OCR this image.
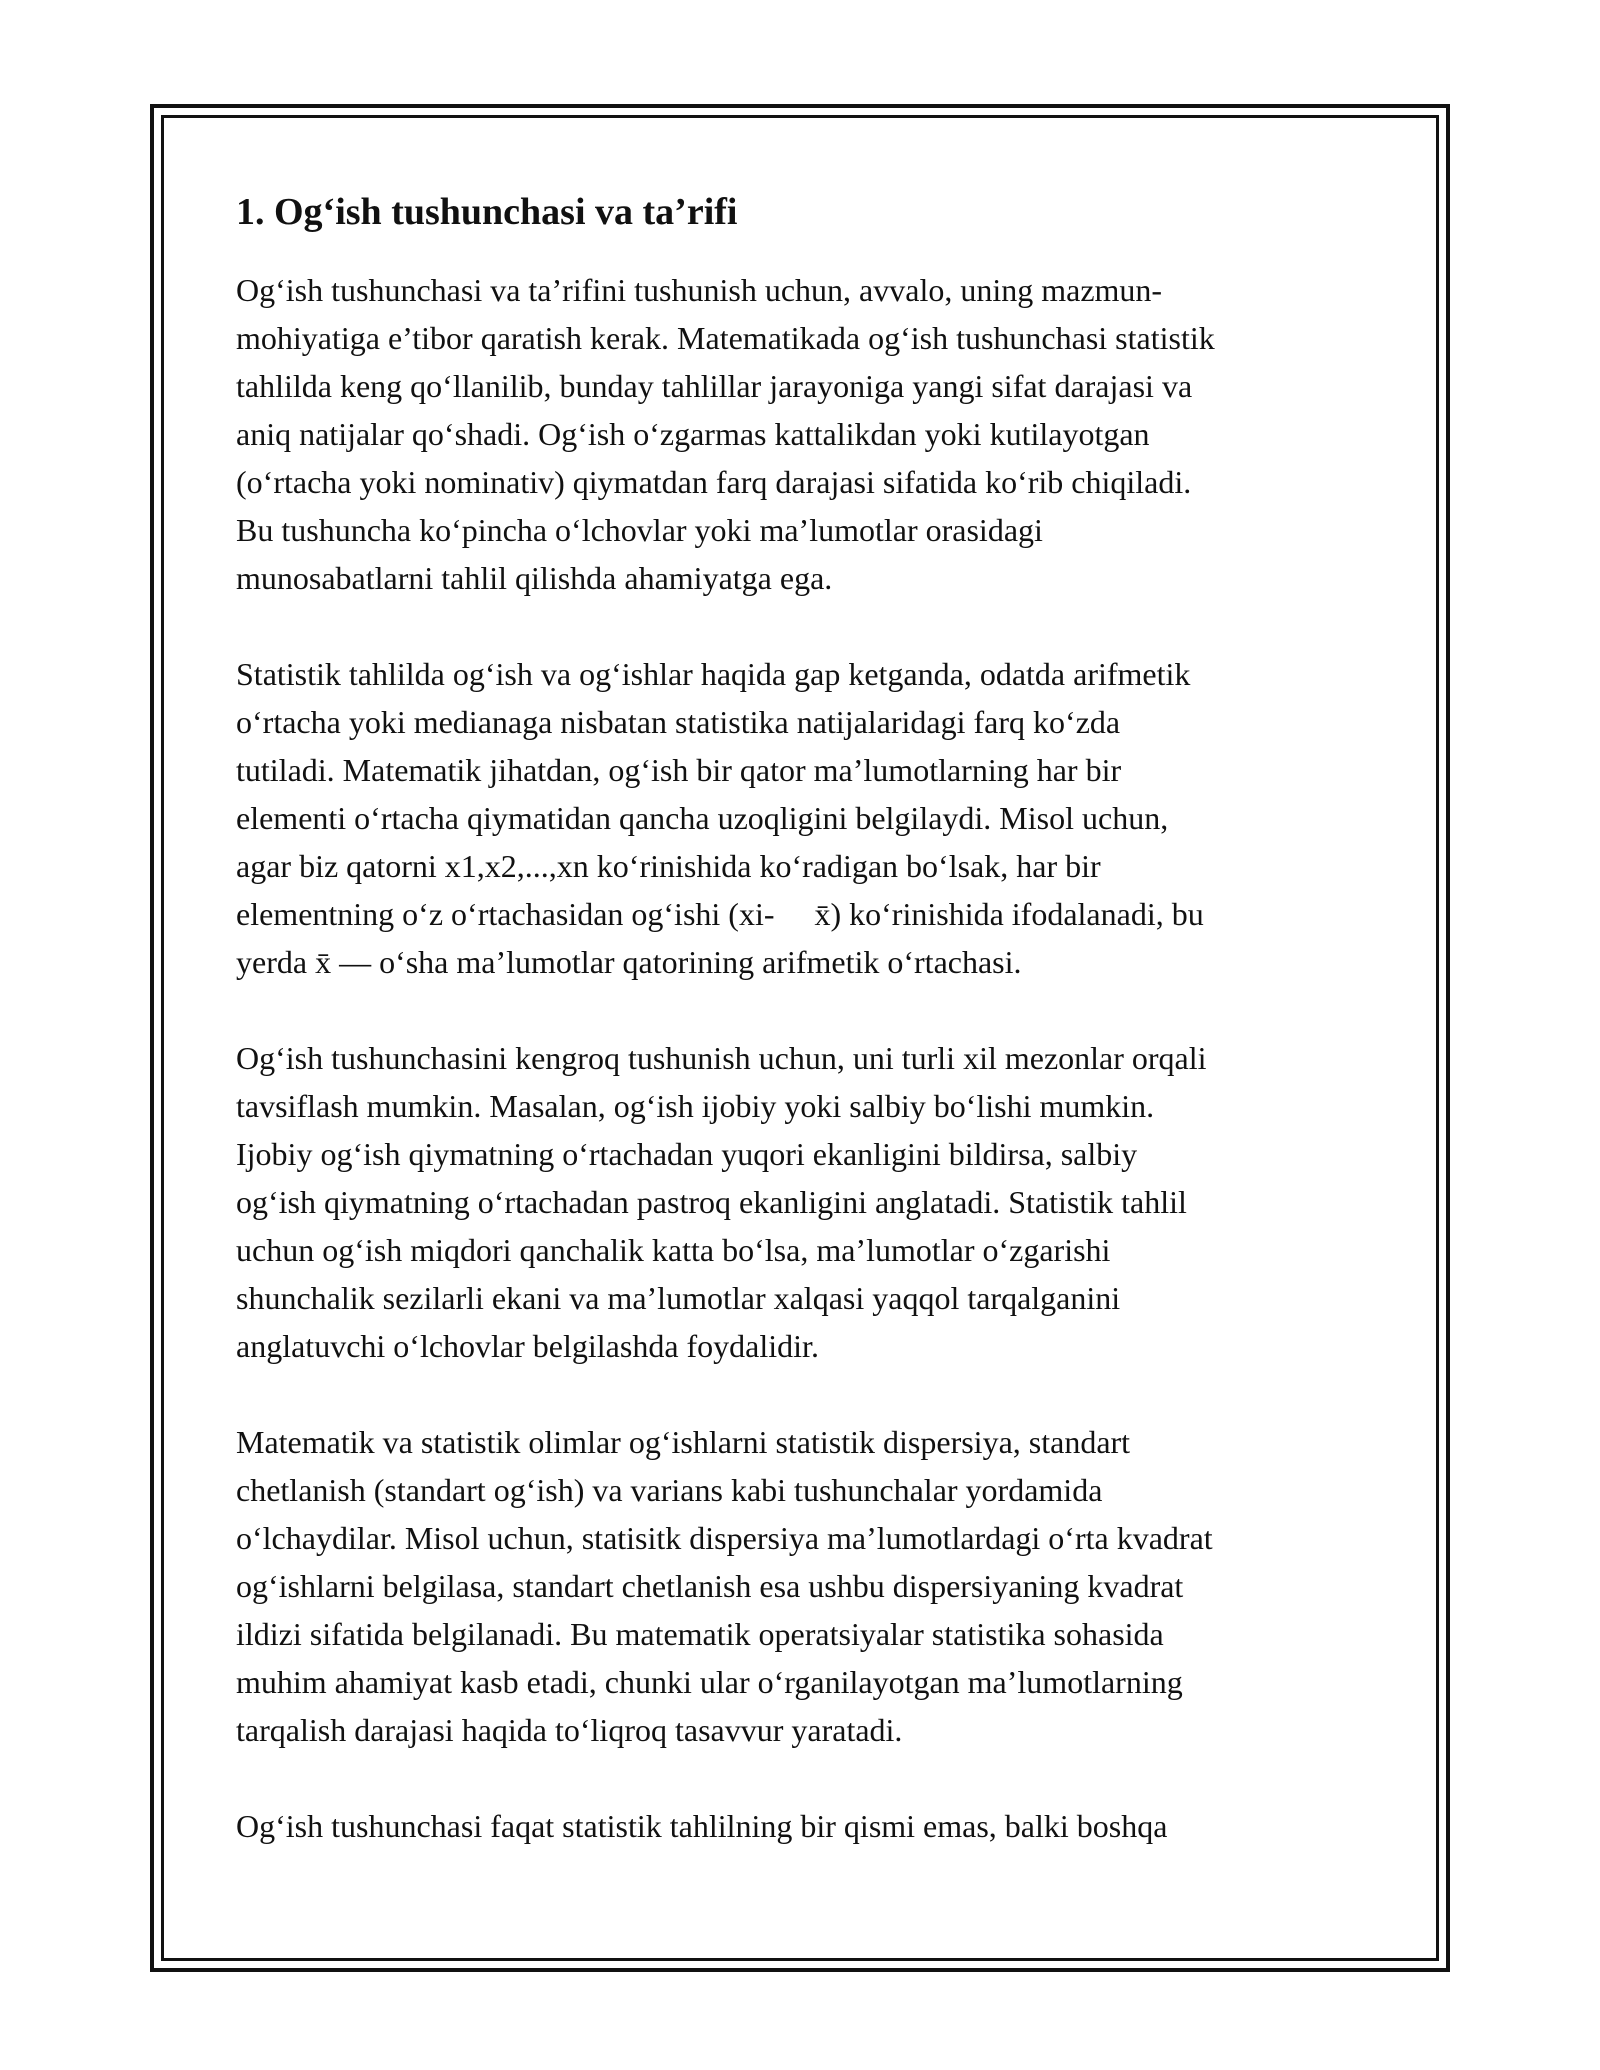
1. Og‘ish tushunchasi va ta’rifi

Og‘ish tushunchasi va ta’rifini tushunish uchun, avvalo, uning mazmun-
mohiyatiga e’tibor qaratish kerak. Matematikada og‘ish tushunchasi statistik
tahlilda keng qo‘llanilib, bunday tahlillar jarayoniga yangi sifat darajasi va
aniq natijalar qo‘shadi. Og‘ish o‘zgarmas kattalikdan yoki kutilayotgan
(o‘rtacha yoki nominativ) qiymatdan farq darajasi sifatida ko‘rib chiqiladi.
Bu tushuncha ko‘pincha o‘lchovlar yoki ma’lumotlar orasidagi
munosabatlarni tahlil qilishda ahamiyatga ega.

Statistik tahlilda og‘ish va og‘ishlar haqida gap ketganda, odatda arifmetik
o‘rtacha yoki medianaga nisbatan statistika natijalaridagi farq ko‘zda
tutiladi. Matematik jihatdan, og‘ish bir qator ma’lumotlarning har bir
elementi o‘rtacha qiymatidan qancha uzoqligini belgilaydi. Misol uchun,
agar biz qatorni x1,x2,...,xn ko‘rinishida ko‘radigan bo‘lsak, har bir
elementning o‘z o‘rtachasidan og‘ishi (xi- x̄) ko‘rinishida ifodalanadi, bu
yerda x̄ — o‘sha ma’lumotlar qatorining arifmetik o‘rtachasi.

Og‘ish tushunchasini kengroq tushunish uchun, uni turli xil mezonlar orqali
tavsiflash mumkin. Masalan, og‘ish ijobiy yoki salbiy bo‘lishi mumkin.
Ijobiy og‘ish qiymatning o‘rtachadan yuqori ekanligini bildirsa, salbiy
og‘ish qiymatning o‘rtachadan pastroq ekanligini anglatadi. Statistik tahlil
uchun og‘ish miqdori qanchalik katta bo‘lsa, ma’lumotlar o‘zgarishi
shunchalik sezilarli ekani va ma’lumotlar xalqasi yaqqol tarqalganini
anglatuvchi o‘lchovlar belgilashda foydalidir.

Matematik va statistik olimlar og‘ishlarni statistik dispersiya, standart
chetlanish (standart og‘ish) va varians kabi tushunchalar yordamida
o‘lchaydilar. Misol uchun, statisitk dispersiya ma’lumotlardagi o‘rta kvadrat
og‘ishlarni belgilasa, standart chetlanish esa ushbu dispersiyaning kvadrat
ildizi sifatida belgilanadi. Bu matematik operatsiyalar statistika sohasida
muhim ahamiyat kasb etadi, chunki ular o‘rganilayotgan ma’lumotlarning
tarqalish darajasi haqida to‘liqroq tasavvur yaratadi.

Og‘ish tushunchasi faqat statistik tahlilning bir qismi emas, balki boshqa
